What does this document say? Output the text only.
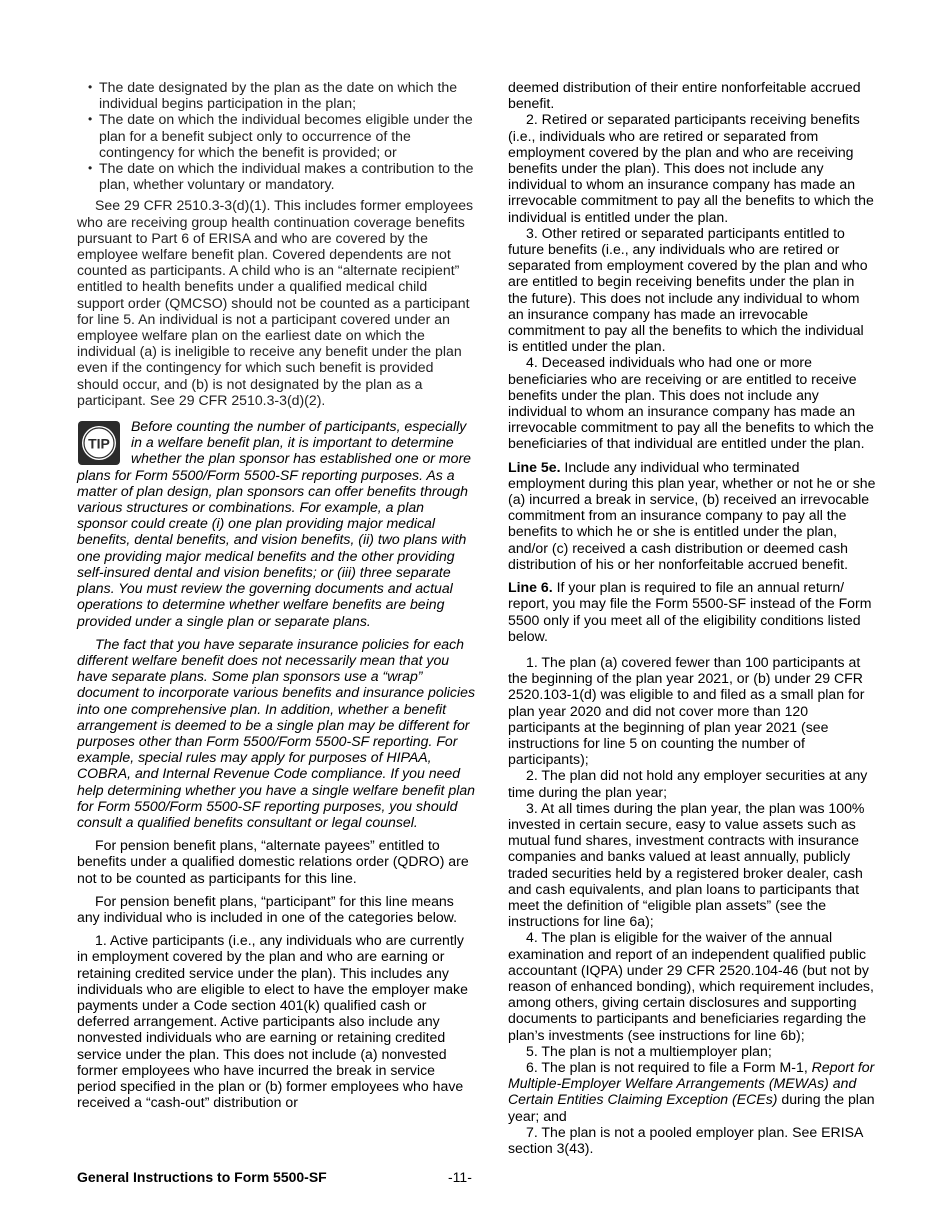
• The date designated by the plan as the date on which the individual begins participation in the plan;

• The date on which the individual becomes eligible under the plan for a benefit subject only to occurrence of the contingency for which the benefit is provided; or

• The date on which the individual makes a contribution to the plan, whether voluntary or mandatory.

See 29 CFR 2510.3-3(d)(1). This includes former employees who are receiving group health continuation coverage benefits pursuant to Part 6 of ERISA and who are covered by the employee welfare benefit plan. Covered dependents are not counted as participants. A child who is an “alternate recipient” entitled to health benefits under a qualified medical child support order (QMCSO) should not be counted as a participant for line 5. An individual is not a participant covered under an employee welfare plan on the earliest date on which the individual (a) is ineligible to receive any benefit under the plan even if the contingency for which such benefit is provided should occur, and (b) is not designated by the plan as a participant. See 29 CFR 2510.3-3(d)(2).

TIP

Before counting the number of participants, especially in a welfare benefit plan, it is important to determine whether the plan sponsor has established one or more plans for Form 5500/Form 5500-SF reporting purposes. As a matter of plan design, plan sponsors can offer benefits through various structures or combinations. For example, a plan sponsor could create (i) one plan providing major medical benefits, dental benefits, and vision benefits, (ii) two plans with one providing major medical benefits and the other providing self-insured dental and vision benefits; or (iii) three separate plans. You must review the governing documents and actual operations to determine whether welfare benefits are being provided under a single plan or separate plans.

The fact that you have separate insurance policies for each different welfare benefit does not necessarily mean that you have separate plans. Some plan sponsors use a “wrap” document to incorporate various benefits and insurance policies into one comprehensive plan. In addition, whether a benefit arrangement is deemed to be a single plan may be different for purposes other than Form 5500/Form 5500-SF reporting. For example, special rules may apply for purposes of HIPAA, COBRA, and Internal Revenue Code compliance. If you need help determining whether you have a single welfare benefit plan for Form 5500/Form 5500-SF reporting purposes, you should consult a qualified benefits consultant or legal counsel.

For pension benefit plans, “alternate payees” entitled to benefits under a qualified domestic relations order (QDRO) are not to be counted as participants for this line.

For pension benefit plans, “participant” for this line means any individual who is included in one of the categories below.

1. Active participants (i.e., any individuals who are currently in employment covered by the plan and who are earning or retaining credited service under the plan). This includes any individuals who are eligible to elect to have the employer make payments under a Code section 401(k) qualified cash or deferred arrangement. Active participants also include any nonvested individuals who are earning or retaining credited service under the plan. This does not include (a) nonvested former employees who have incurred the break in service period specified in the plan or (b) former employees who have received a “cash-out” distribution or

deemed distribution of their entire nonforfeitable accrued benefit.

2. Retired or separated participants receiving benefits (i.e., individuals who are retired or separated from employment covered by the plan and who are receiving benefits under the plan). This does not include any individual to whom an insurance company has made an irrevocable commitment to pay all the benefits to which the individual is entitled under the plan.

3. Other retired or separated participants entitled to future benefits (i.e., any individuals who are retired or separated from employment covered by the plan and who are entitled to begin receiving benefits under the plan in the future). This does not include any individual to whom an insurance company has made an irrevocable commitment to pay all the benefits to which the individual is entitled under the plan.

4. Deceased individuals who had one or more beneficiaries who are receiving or are entitled to receive benefits under the plan. This does not include any individual to whom an insurance company has made an irrevocable commitment to pay all the benefits to which the beneficiaries of that individual are entitled under the plan.

Line 5e. Include any individual who terminated employment during this plan year, whether or not he or she (a) incurred a break in service, (b) received an irrevocable commitment from an insurance company to pay all the benefits to which he or she is entitled under the plan, and/or (c) received a cash distribution or deemed cash distribution of his or her nonforfeitable accrued benefit.

Line 6. If your plan is required to file an annual return/ report, you may file the Form 5500-SF instead of the Form 5500 only if you meet all of the eligibility conditions listed below.

1. The plan (a) covered fewer than 100 participants at the beginning of the plan year 2021, or (b) under 29 CFR 2520.103-1(d) was eligible to and filed as a small plan for plan year 2020 and did not cover more than 120 participants at the beginning of plan year 2021 (see instructions for line 5 on counting the number of participants);

2. The plan did not hold any employer securities at any time during the plan year;

3. At all times during the plan year, the plan was 100% invested in certain secure, easy to value assets such as mutual fund shares, investment contracts with insurance companies and banks valued at least annually, publicly traded securities held by a registered broker dealer, cash and cash equivalents, and plan loans to participants that meet the definition of “eligible plan assets” (see the instructions for line 6a);

4. The plan is eligible for the waiver of the annual examination and report of an independent qualified public accountant (IQPA) under 29 CFR 2520.104-46 (but not by reason of enhanced bonding), which requirement includes, among others, giving certain disclosures and supporting documents to participants and beneficiaries regarding the plan’s investments (see instructions for line 6b);

5. The plan is not a multiemployer plan;

6. The plan is not required to file a Form M-1, Report for Multiple-Employer Welfare Arrangements (MEWAs) and Certain Entities Claiming Exception (ECEs) during the plan year; and

7. The plan is not a pooled employer plan. See ERISA section 3(43).

General Instructions to Form 5500-SF	-11-
